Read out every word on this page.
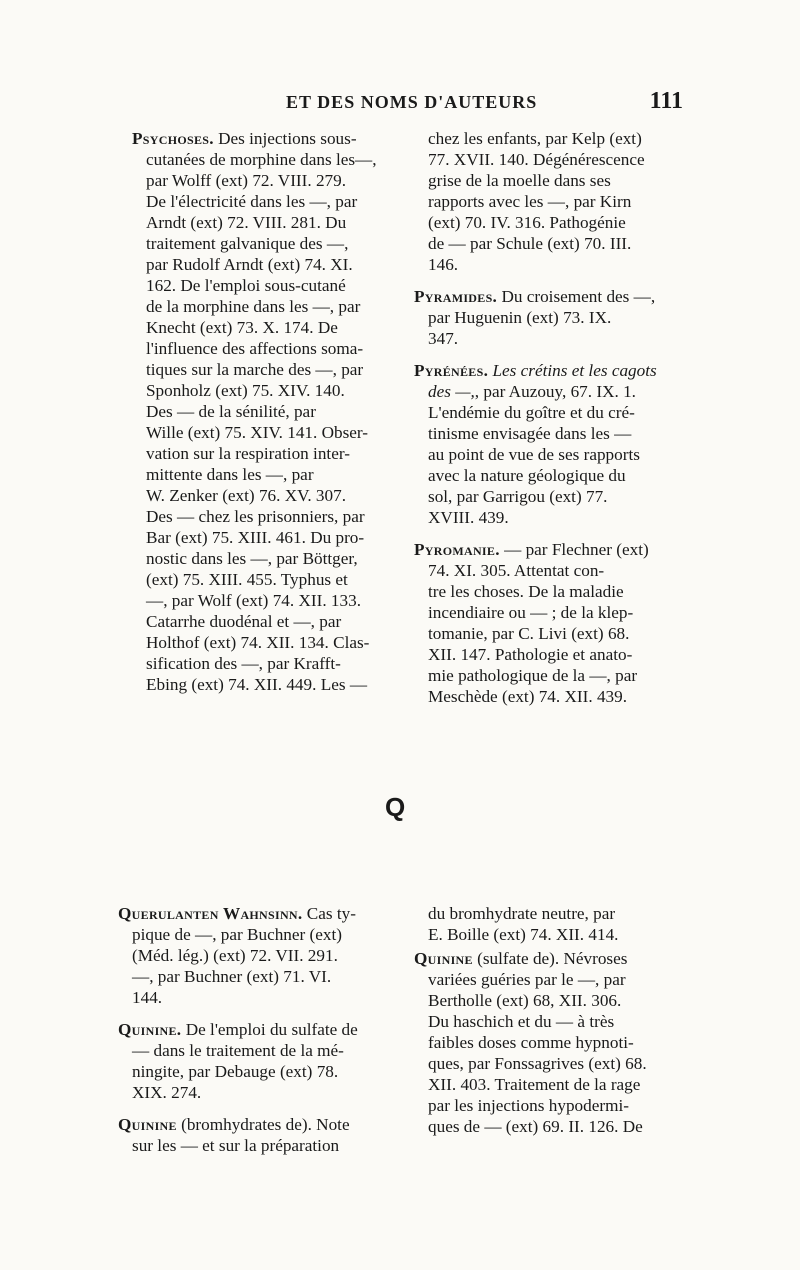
ET DES NOMS D'AUTEURS	111
Psychoses. Des injections sous-
cutanées de morphine dans les—,
par Wolff (ext) 72. VIII. 279.
De l'électricité dans les —, par
Arndt (ext) 72. VIII. 281. Du
traitement galvanique des —,
par Rudolf Arndt (ext) 74. XI.
162. De l'emploi sous-cutané
de la morphine dans les —, par
Knecht (ext) 73. X. 174. De
l'influence des affections soma-
tiques sur la marche des —, par
Sponholz (ext) 75. XIV. 140.
Des — de la sénilité, par
Wille (ext) 75. XIV. 141. Obser-
vation sur la respiration inter-
mittente dans les —, par
W. Zenker (ext) 76. XV. 307.
Des — chez les prisonniers, par
Bar (ext) 75. XIII. 461. Du pro-
nostic dans les —, par Böttger,
(ext) 75. XIII. 455. Typhus et
—, par Wolf (ext) 74. XII. 133.
Catarrhe duodénal et —, par
Holthof (ext) 74. XII. 134. Clas-
sification des —, par Krafft-
Ebing (ext) 74. XII. 449. Les —
chez les enfants, par Kelp (ext)
77. XVII. 140. Dégénérescence
grise de la moelle dans ses
rapports avec les —, par Kirn
(ext) 70. IV. 316. Pathogénie
de — par Schule (ext) 70. III.
146.
Pyramides. Du croisement des —,
par Huguenin (ext) 73. IX.
347.
Pyrénées. Les crétins et les cagots
des —,, par Auzouy, 67. IX. 1.
L'endémie du goître et du cré-
tinisme envisagée dans les —
au point de vue de ses rapports
avec la nature géologique du
sol, par Garrigou (ext) 77.
XVIII. 439.
Pyromanie. — par Flechner (ext)
74. XI. 305. Attentat con-
tre les choses. De la maladie
incendiaire ou — ; de la klep-
tomanie, par C. Livi (ext) 68.
XII. 147. Pathologie et anato-
mie pathologique de la —, par
Meschède (ext) 74. XII. 439.
Q
Querulanten Wahnsinn. Cas ty-
pique de —, par Buchner (ext)
(Méd. lég.) (ext) 72. VII. 291.
—, par Buchner (ext) 71. VI.
144.
Quinine. De l'emploi du sulfate de
— dans le traitement de la mé-
ningite, par Debauge (ext) 78.
XIX. 274.
Quinine (bromhydrates de). Note
sur les — et sur la préparation
du bromhydrate neutre, par
E. Boille (ext) 74. XII. 414.
Quinine (sulfate de). Névroses
variées guéries par le —, par
Bertholle (ext) 68, XII. 306.
Du haschich et du — à très
faibles doses comme hypnoti-
ques, par Fonssagrives (ext) 68.
XII. 403. Traitement de la rage
par les injections hypodermi-
ques de — (ext) 69. II. 126. De
